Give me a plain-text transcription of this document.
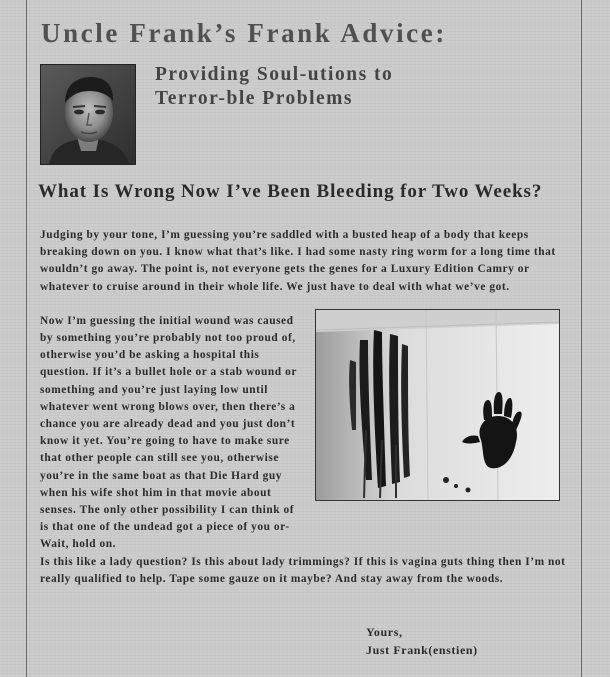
Uncle Frank’s Frank Advice:
Providing Soul-utions to
Terror-ble Problems
What Is Wrong Now I’ve Been Bleeding for Two Weeks?

Judging by your tone, I’m guessing you’re saddled with a busted heap of a body that keeps breaking down on you. I know what that’s like. I had some nasty ring worm for a long time that wouldn’t go away. The point is, not everyone gets the genes for a Luxury Edition Camry or whatever to cruise around in their whole life. We just have to deal with what we’ve got.

Now I’m guessing the initial wound was caused by something you’re probably not too proud of, otherwise you’d be asking a hospital this question. If it’s a bullet hole or a stab wound or something and you’re just laying low until whatever went wrong blows over, then there’s a chance you are already dead and you just don’t know it yet. You’re going to have to make sure that other people can still see you, otherwise you’re in the same boat as that Die Hard guy when his wife shot him in that movie about senses. The only other possibility I can think of is that one of the undead got a piece of you or-

Wait, hold on.

Is this like a lady question? Is this about lady trimmings? If this is vagina guts thing then I’m not really qualified to help. Tape some gauze on it maybe? And stay away from the woods.

Yours,
Just Frank(enstien)
